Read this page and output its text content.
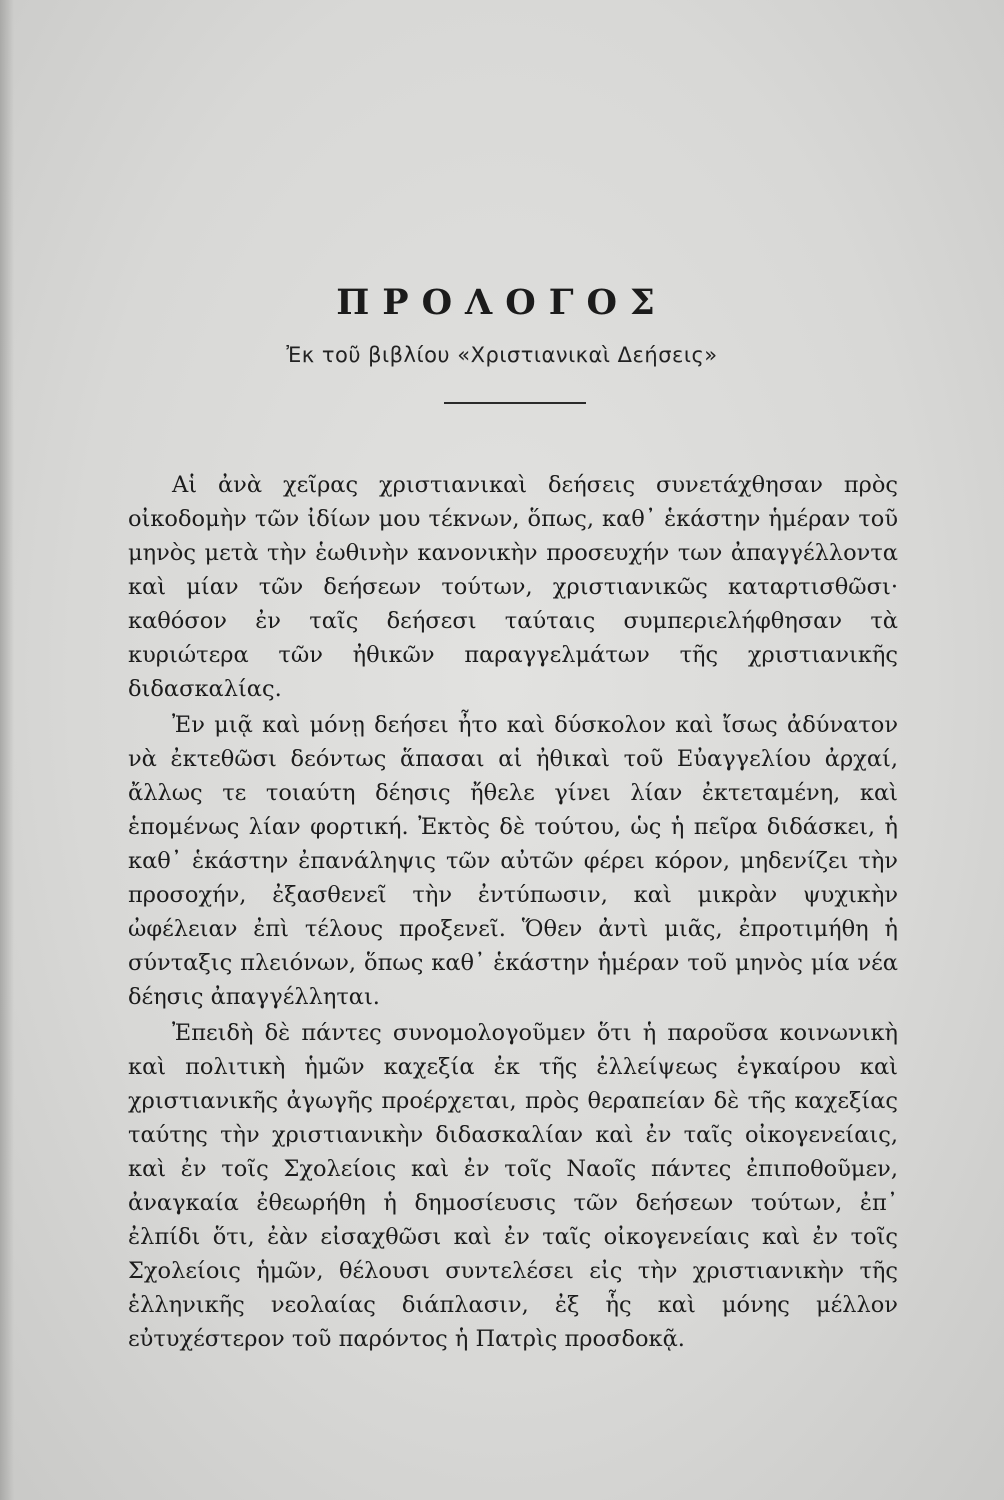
ΠΡΟΛΟΓΟΣ
Ἐκ τοῦ βιβλίου «Χριστιανικαὶ Δεήσεις»

Αἱ ἀνὰ χεῖρας χριστιανικαὶ δεήσεις συνετάχθησαν πρὸς οἰκοδομὴν τῶν ἰδίων μου τέκνων, ὅπως, καθ᾽ ἑκάστην ἡμέραν τοῦ μηνὸς μετὰ τὴν ἑωθινὴν κανονικὴν προσευχήν των ἀπαγγέλλοντα καὶ μίαν τῶν δεήσεων τούτων, χριστιανικῶς καταρτισθῶσι· καθόσον ἐν ταῖς δεήσεσι ταύταις συμπεριελήφθησαν τὰ κυριώτερα τῶν ἠθικῶν παραγγελμάτων τῆς χριστιανικῆς διδασκαλίας.

Ἐν μιᾷ καὶ μόνῃ δεήσει ἦτο καὶ δύσκολον καὶ ἴσως ἀδύνατον νὰ ἐκτεθῶσι δεόντως ἅπασαι αἱ ἠθικαὶ τοῦ Εὐαγγελίου ἀρχαί, ἄλλως τε τοιαύτη δέησις ἤθελε γίνει λίαν ἐκτεταμένη, καὶ ἑπομένως λίαν φορτική. Ἐκτὸς δὲ τούτου, ὡς ἡ πεῖρα διδάσκει, ἡ καθ᾽ ἑκάστην ἐπανάληψις τῶν αὐτῶν φέρει κόρον, μηδενίζει τὴν προσοχήν, ἐξασθενεῖ τὴν ἐντύπωσιν, καὶ μικρὰν ψυχικὴν ὠφέλειαν ἐπὶ τέλους προξενεῖ. Ὅθεν ἀντὶ μιᾶς, ἐπροτιμήθη ἡ σύνταξις πλειόνων, ὅπως καθ᾽ ἑκάστην ἡμέραν τοῦ μηνὸς μία νέα δέησις ἀπαγγέλληται.

Ἐπειδὴ δὲ πάντες συνομολογοῦμεν ὅτι ἡ παροῦσα κοινωνικὴ καὶ πολιτικὴ ἡμῶν καχεξία ἐκ τῆς ἐλλείψεως ἐγκαίρου καὶ χριστιανικῆς ἀγωγῆς προέρχεται, πρὸς θεραπείαν δὲ τῆς καχεξίας ταύτης τὴν χριστιανικὴν διδασκαλίαν καὶ ἐν ταῖς οἰκογενείαις, καὶ ἐν τοῖς Σχολείοις καὶ ἐν τοῖς Ναοῖς πάντες ἐπιποθοῦμεν, ἀναγκαία ἐθεωρήθη ἡ δημοσίευσις τῶν δεήσεων τούτων, ἐπ᾽ ἐλπίδι ὅτι, ἐὰν εἰσαχθῶσι καὶ ἐν ταῖς οἰκογενείαις καὶ ἐν τοῖς Σχολείοις ἡμῶν, θέλουσι συντελέσει εἰς τὴν χριστιανικὴν τῆς ἑλληνικῆς νεολαίας διάπλασιν, ἐξ ἧς καὶ μόνης μέλλον εὐτυχέστερον τοῦ παρόντος ἡ Πατρὶς προσδοκᾷ.
